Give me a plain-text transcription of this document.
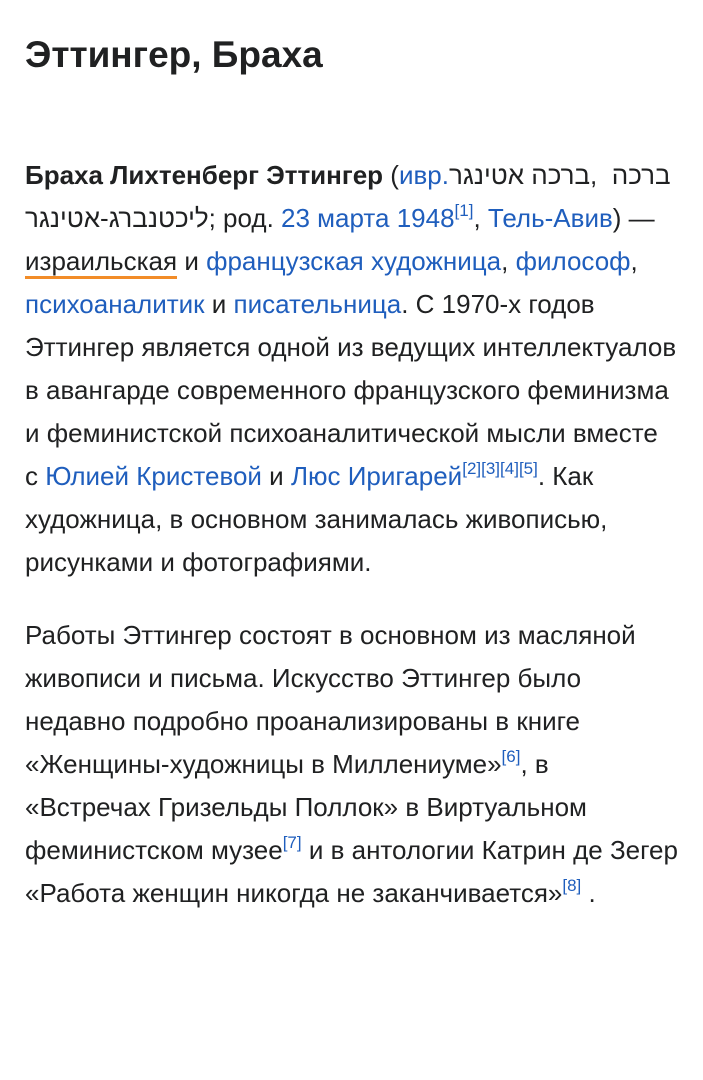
Эттингер, Браха

Браха Лихтенберг Эттингер (ивр. ,ברכה אטינגר ברכה ליכטנברג-אטינגר; род. 23 марта 1948[1], Тель-Авив) — израильская и французская художница, философ, психоаналитик и писательница. С 1970-х годов Эттингер является одной из ведущих интеллектуалов в авангарде современного французского феминизма и феминистской психоаналитической мысли вместе с Юлией Кристевой и Люс Иригарей[2][3][4][5]. Как художница, в основном занималась живописью, рисунками и фотографиями.

Работы Эттингер состоят в основном из масляной живописи и письма. Искусство Эттингер было недавно подробно проанализированы в книге «Женщины-художницы в Миллениуме»[6], в «Встречах Гризельды Поллок» в Виртуальном феминистском музее[7] и в антологии Катрин де Зегер «Работа женщин никогда не заканчивается»[8] .
